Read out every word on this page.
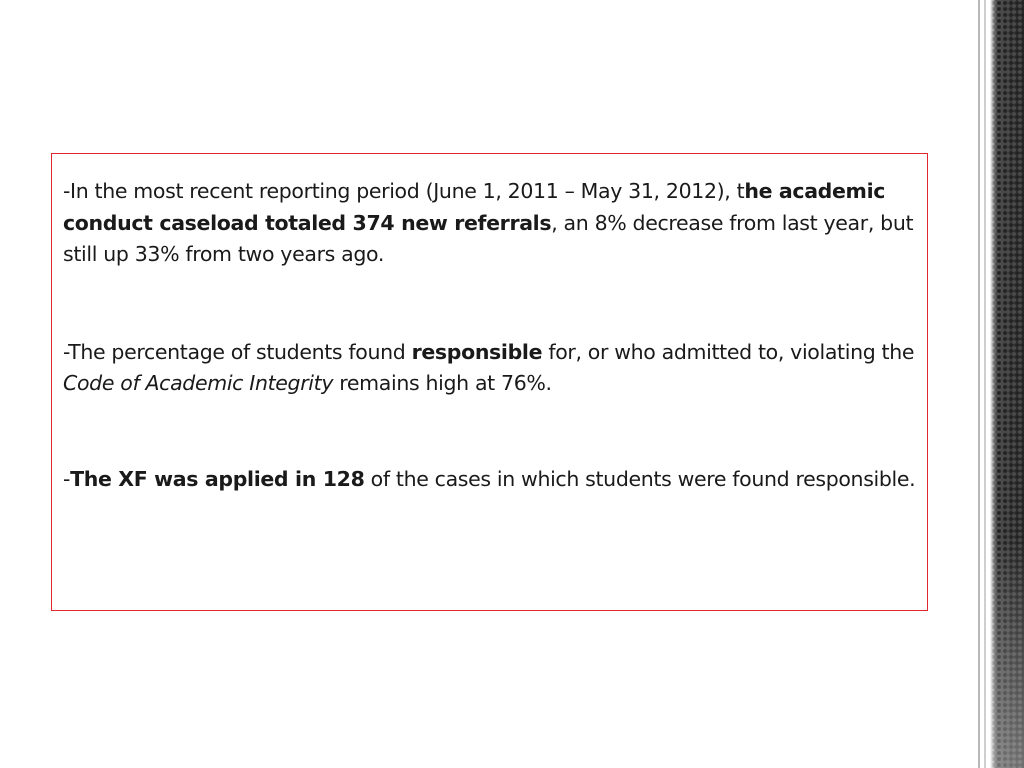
-In the most recent reporting period (June 1, 2011 – May 31, 2012), the academic conduct caseload totaled 374 new referrals, an 8% decrease from last year, but still up 33% from two years ago.

-The percentage of students found responsible for, or who admitted to, violating the Code of Academic Integrity remains high at 76%.

-The XF was applied in 128 of the cases in which students were found responsible.
